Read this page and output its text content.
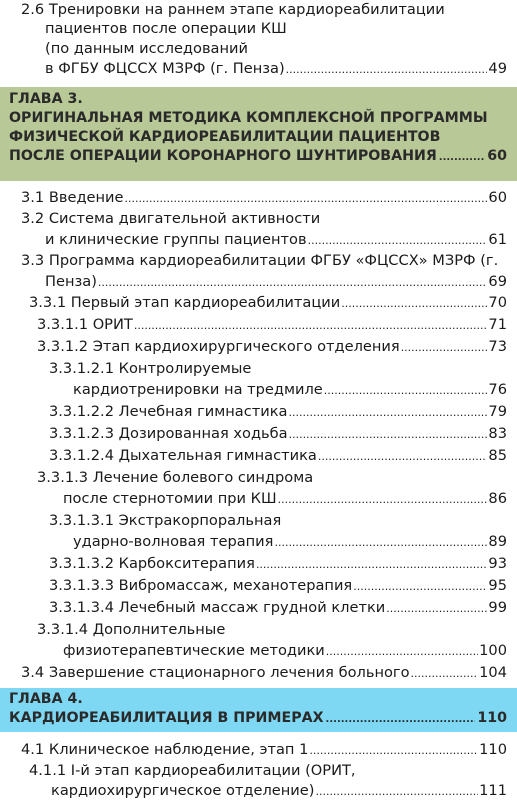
2.6 Тренировки на раннем этапе кардиореабилитации
пациентов после операции КШ
(по данным исследований
в ФГБУ ФЦССХ МЗРФ (г. Пенза) .....	49
ГЛАВА 3.
ОРИГИНАЛЬНАЯ МЕТОДИКА КОМПЛЕКСНОЙ ПРОГРАММЫ
ФИЗИЧЕСКОЙ КАРДИОРЕАБИЛИТАЦИИ ПАЦИЕНТОВ
ПОСЛЕ ОПЕРАЦИИ КОРОНАРНОГО ШУНТИРОВАНИЯ .....	60
3.1 Введение .....	60
3.2 Система двигательной активности
и клинические группы пациентов .....	61
3.3 Программа кардиореабилитации ФГБУ «ФЦССХ» МЗРФ (г.
Пенза) .....	69
3.3.1 Первый этап кардиореабилитации .....	70
3.3.1.1 ОРИТ .....	71
3.3.1.2 Этап кардиохирургического отделения .....	73
3.3.1.2.1 Контролируемые
кардиотренировки на тредмиле .....	76
3.3.1.2.2 Лечебная гимнастика .....	79
3.3.1.2.3 Дозированная ходьба .....	83
3.3.1.2.4 Дыхательная гимнастика .....	85
3.3.1.3 Лечение болевого синдрома
после стернотомии при КШ .....	86
3.3.1.3.1 Экстракорпоральная
ударно-волновая терапия .....	89
3.3.1.3.2 Карбокситерапия .....	93
3.3.1.3.3 Вибромассаж, механотерапия .....	95
3.3.1.3.4 Лечебный массаж грудной клетки .....	99
3.3.1.4 Дополнительные
физиотерапевтические методики .....	100
3.4 Завершение стационарного лечения больного .....	104
ГЛАВА 4.
КАРДИОРЕАБИЛИТАЦИЯ В ПРИМЕРАХ .....	110
4.1 Клиническое наблюдение, этап 1 .....	110
4.1.1 I-й этап кардиореабилитации (ОРИТ,
кардиохирургическое отделение) .....	111
